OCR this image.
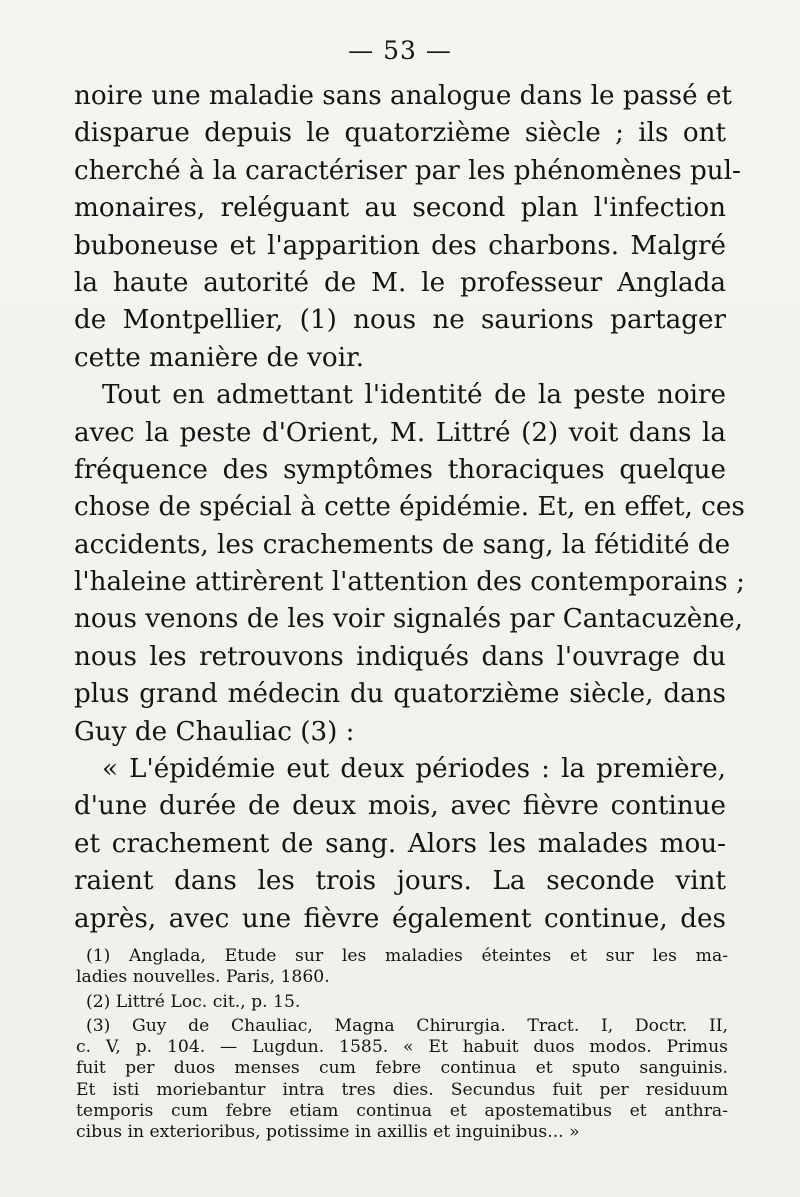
— 53 —
noire une maladie sans analogue dans le passé et
disparue depuis le quatorzième siècle ; ils ont
cherché à la caractériser par les phénomènes pul-
monaires, reléguant au second plan l'infection
buboneuse et l'apparition des charbons. Malgré
la haute autorité de M. le professeur Anglada
de Montpellier, (1) nous ne saurions partager
cette manière de voir.
Tout en admettant l'identité de la peste noire
avec la peste d'Orient, M. Littré (2) voit dans la
fréquence des symptômes thoraciques quelque
chose de spécial à cette épidémie. Et, en effet, ces
accidents, les crachements de sang, la fétidité de
l'haleine attirèrent l'attention des contemporains ;
nous venons de les voir signalés par Cantacuzène,
nous les retrouvons indiqués dans l'ouvrage du
plus grand médecin du quatorzième siècle, dans
Guy de Chauliac (3) :
« L'épidémie eut deux périodes : la première,
d'une durée de deux mois, avec fièvre continue
et crachement de sang. Alors les malades mou-
raient dans les trois jours. La seconde vint
après, avec une fièvre également continue, des
(1) Anglada, Etude sur les maladies éteintes et sur les ma-
ladies nouvelles. Paris, 1860.
(2) Littré Loc. cit., p. 15.
(3) Guy de Chauliac, Magna Chirurgia. Tract. I, Doctr. II,
c. V, p. 104. — Lugdun. 1585. « Et habuit duos modos. Primus
fuit per duos menses cum febre continua et sputo sanguinis.
Et isti moriebantur intra tres dies. Secundus fuit per residuum
temporis cum febre etiam continua et apostematibus et anthra-
cibus in exterioribus, potissime in axillis et inguinibus... »
